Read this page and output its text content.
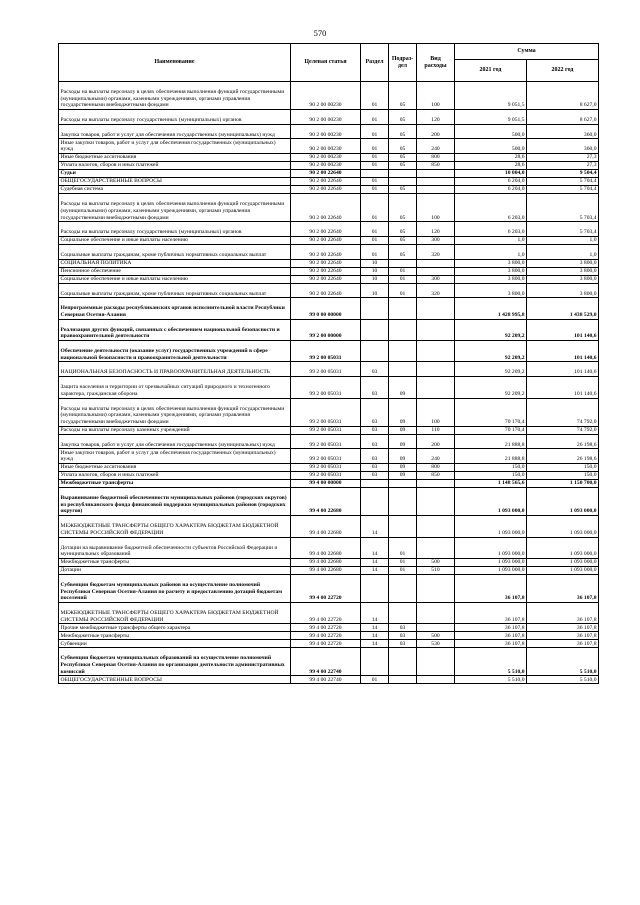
570
Наименование	Целевая статья	Раздел	Подраз-дел	Вид расходы	Сумма	
					2021 год	2022 год
Расходы на выплаты персоналу в целях обеспечения выполнения функций государственными (муниципальными) органами, казенными учреждениями, органами управления государственными внебюджетными фондами	90 2 00 00230	01	05	100	9 051,5	8 627,0
Расходы на выплаты персоналу государственных (муниципальных) органов	90 2 00 00230	01	05	120	9 051,5	8 627,0
Закупка товаров, работ и услуг для обеспечения государственных (муниципальных) нужд	90 2 00 00230	01	05	200	500,0	360,0
Иные закупки товаров, работ и услуг для обеспечения государственных (муниципальных) нужд	90 2 00 00230	01	05	240	500,0	360,0
Иные бюджетные ассигнования	90 2 00 00230	01	05	800	28,6	27,3
Уплата налогов, сборов и иных платежей	90 2 00 00230	01	05	850	28,6	27,3
Судьи	90 2 00 22640				10 004,0	9 504,4
ОБЩЕГОСУДАРСТВЕННЫЕ ВОПРОСЫ	90 2 00 22640	01			6 204,0	5 704,4
Судебная система	90 2 00 22640	01	05		6 204,0	5 704,4
Расходы на выплаты персоналу в целях обеспечения выполнения функций государственными (муниципальными) органами, казенными учреждениями, органами управления государственными внебюджетными фондами	90 2 00 22640	01	05	100	6 203,0	5 703,4
Расходы на выплаты персоналу государственных (муниципальных) органов	90 2 00 22640	01	05	120	6 203,0	5 703,4
Социальное обеспечение и иные выплаты населению	90 2 00 22640	01	05	300	1,0	1,0
Социальные выплаты гражданам, кроме публичных нормативных социальных выплат	90 2 00 22640	01	05	320	1,0	1,0
СОЦИАЛЬНАЯ ПОЛИТИКА	90 2 00 22640	10			3 800,0	3 800,0
Пенсионное обеспечение	90 2 00 22640	10	01		3 800,0	3 800,0
Социальное обеспечение и иные выплаты населению	90 2 00 22640	10	01	300	3 800,0	3 800,0
Социальные выплаты гражданам, кроме публичных нормативных социальных выплат	90 2 00 22640	10	01	320	3 800,0	3 800,0
Непрограммные расходы республиканских органов исполнительной власти Республики Северная Осетия-Алания	99 0 00 00000				1 428 995,8	1 438 529,0
Реализация других функций, связанных с обеспечением национальной безопасности и правоохранительной деятельности	99 2 00 00000				92 209,2	101 140,6
Обеспечение деятельности (оказание услуг) государственных учреждений в сфере национальной безопасности и правоохранительной деятельности	99 2 00 05031				92 209,2	101 140,6
НАЦИОНАЛЬНАЯ БЕЗОПАСНОСТЬ И ПРАВООХРАНИТЕЛЬНАЯ ДЕЯТЕЛЬНОСТЬ	99 2 00 05031	03			92 209,2	101 140,6
Защита населения и территории от чрезвычайных ситуаций природного и техногенного характера, гражданская оборона	99 2 00 05031	03	09		92 209,2	101 140,6
Расходы на выплаты персоналу в целях обеспечения выполнения функций государственными (муниципальными) органами, казенными учреждениями, органами управления государственными внебюджетными фондами	99 2 00 05031	03	09	100	70 170,4	74 792,0
Расходы на выплаты персоналу казенных учреждений	99 2 00 05031	03	09	110	70 170,4	74 792,0
Закупка товаров, работ и услуг для обеспечения государственных (муниципальных) нужд	99 2 00 05031	03	09	200	21 888,8	26 198,6
Иные закупки товаров, работ и услуг для обеспечения государственных (муниципальных) нужд	99 2 00 05031	03	09	240	21 888,8	26 198,6
Иные бюджетные ассигнования	99 2 00 05031	03	09	800	150,0	150,0
Уплата налогов, сборов и иных платежей	99 2 00 05031	03	09	850	150,0	150,0
Межбюджетные трансферты	99 4 00 00000				1 148 565,6	1 150 700,0
Выравнивание бюджетной обеспеченности муниципальных районов (городских округов) из республиканского фонда финансовой поддержки муниципальных районов (городских округов)	99 4 00 22680				1 093 000,0	1 093 000,0
МЕЖБЮДЖЕТНЫЕ ТРАНСФЕРТЫ ОБЩЕГО ХАРАКТЕРА БЮДЖЕТАМ БЮДЖЕТНОЙ СИСТЕМЫ РОССИЙСКОЙ ФЕДЕРАЦИИ	99 4 00 22680	14			1 093 000,0	1 093 000,0
Дотации на выравнивание бюджетной обеспеченности субъектов Российской Федерации и муниципальных образований	99 4 00 22680	14	01		1 093 000,0	1 093 000,0
Межбюджетные трансферты	99 4 00 22680	14	01	500	1 093 000,0	1 093 000,0
Дотации	99 4 00 22680	14	01	510	1 093 000,0	1 093 000,0
Субвенции бюджетам муниципальных районов на осуществление полномочий Республики Северная Осетия-Алания по расчету и предоставлению дотаций бюджетам поселений	99 4 00 22720				36 107,8	36 107,8
МЕЖБЮДЖЕТНЫЕ ТРАНСФЕРТЫ ОБЩЕГО ХАРАКТЕРА БЮДЖЕТАМ БЮДЖЕТНОЙ СИСТЕМЫ РОССИЙСКОЙ ФЕДЕРАЦИИ	99 4 00 22720	14			36 107,8	36 107,8
Прочие межбюджетные трансферты общего характера	99 4 00 22720	14	03		36 107,8	36 107,8
Межбюджетные трансферты	99 4 00 22720	14	03	500	36 107,8	36 107,8
Субвенции	99 4 00 22720	14	03	530	36 107,8	36 107,8
Субвенции бюджетам муниципальных образований на осуществление полномочий Республики Северная Осетия-Алания по организации деятельности административных комиссий	99 4 00 22740				5 510,0	5 510,0
ОБЩЕГОСУДАРСТВЕННЫЕ ВОПРОСЫ	99 4 00 22740	01			5 510,0	5 510,0
